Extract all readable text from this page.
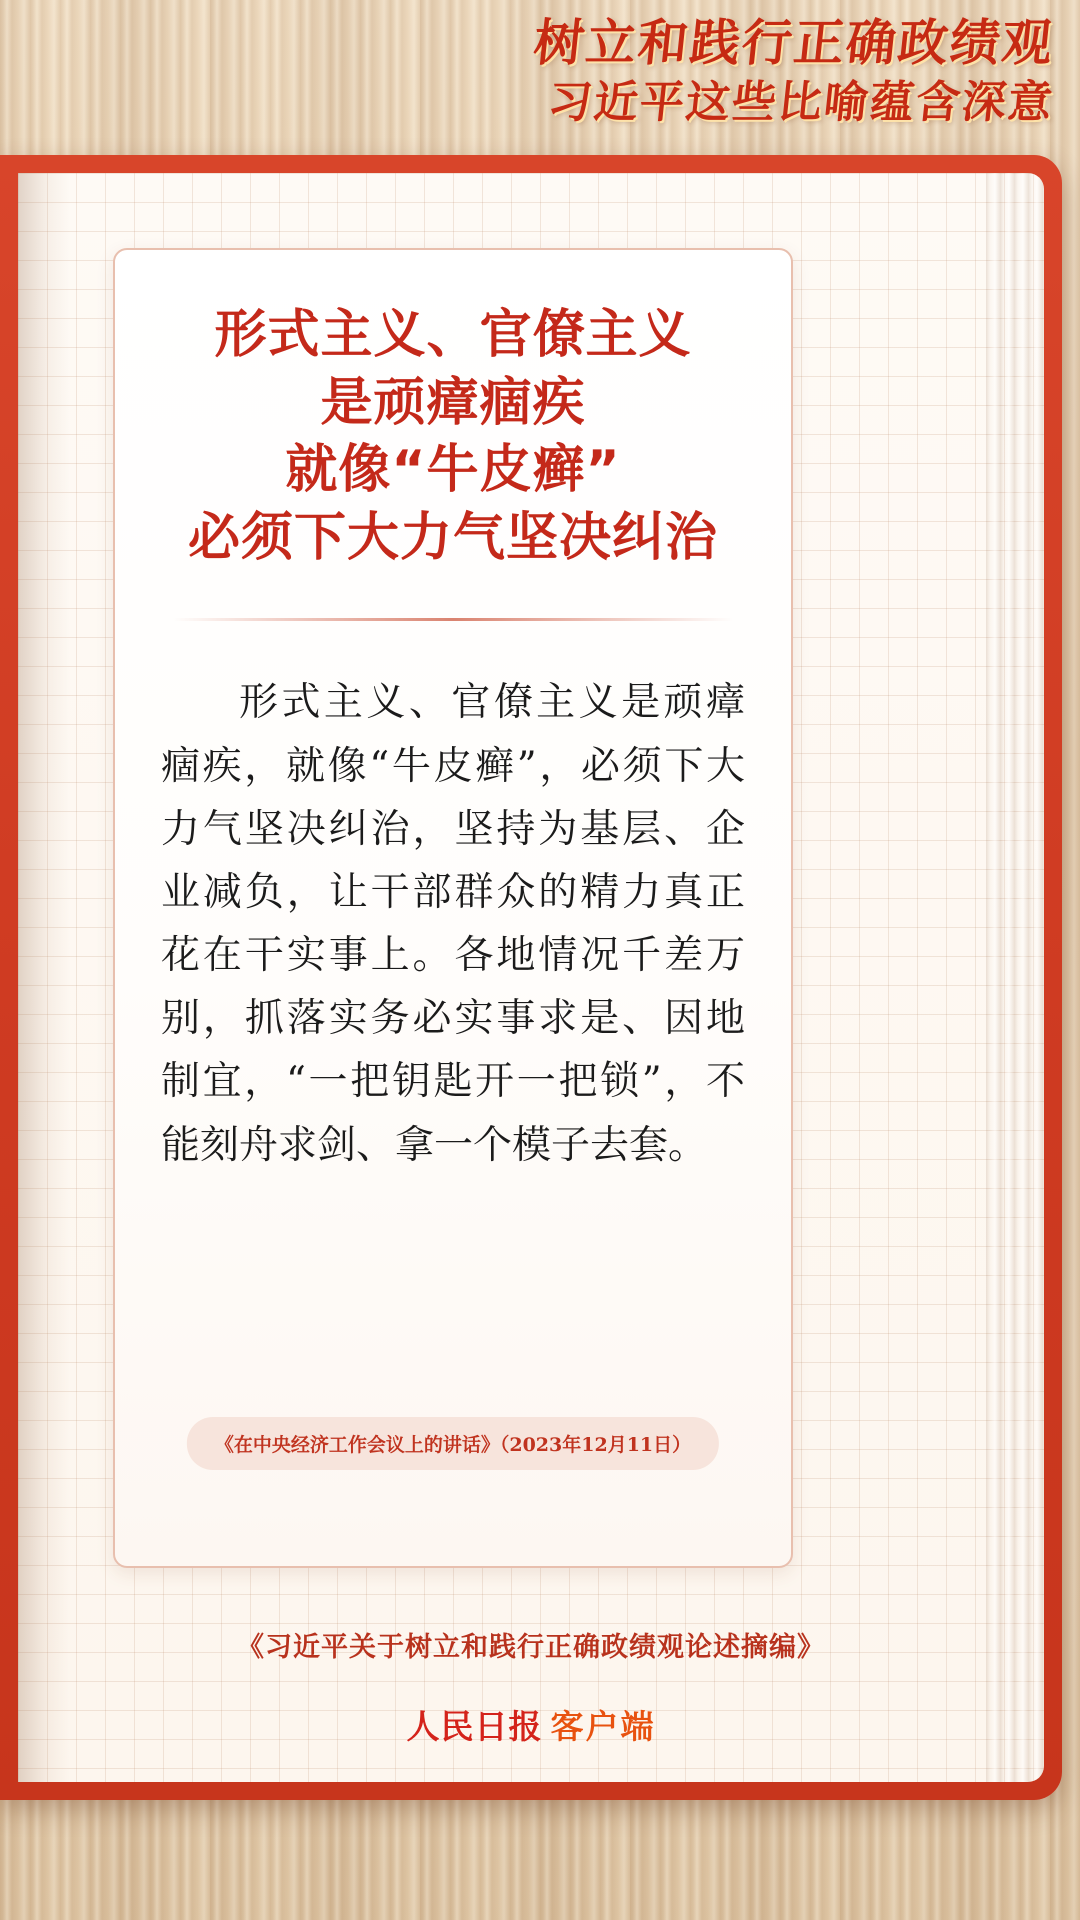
树立和践行正确政绩观
习近平这些比喻蕴含深意
形式主义、官僚主义
是顽瘴痼疾
就像“牛皮癣”
必须下大力气坚决纠治
形式主义、官僚主义是顽瘴痼疾，就像“牛皮癣”，必须下大力气坚决纠治，坚持为基层、企业减负，让干部群众的精力真正花在干实事上。各地情况千差万别，抓落实务必实事求是、因地制宜，“一把钥匙开一把锁”，不能刻舟求剑、拿一个模子去套。
《在中央经济工作会议上的讲话》（2023年12月11日）
《习近平关于树立和践行正确政绩观论述摘编》
人民日报 客户端
